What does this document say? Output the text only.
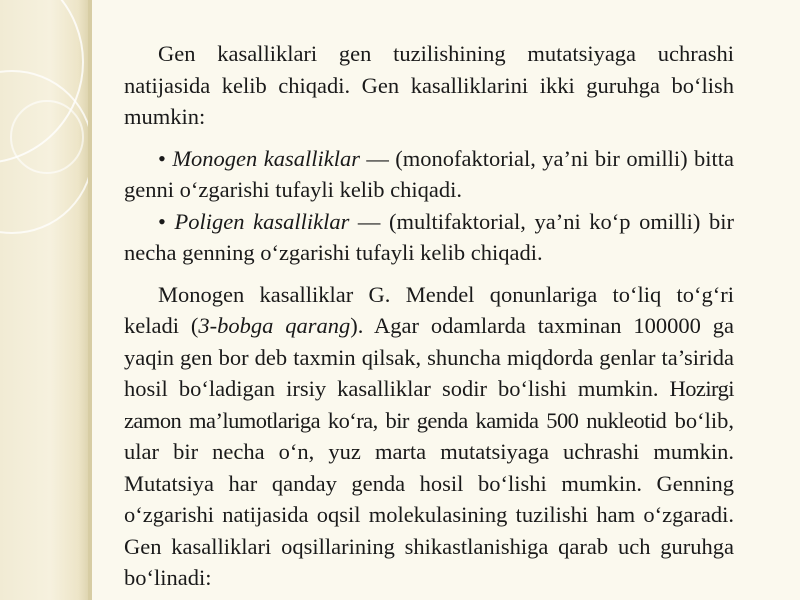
Gen kasalliklari gen tuzilishining mutatsiyaga uchrashi natijasida kelib chiqadi. Gen kasalliklarini ikki guruhga bo‘lish mumkin:

• Monogen kasalliklar — (monofaktorial, ya’ni bir omilli) bitta genni o‘zgarishi tufayli kelib chiqadi.

• Poligen kasalliklar — (multifaktorial, ya’ni ko‘p omilli) bir necha genning o‘zgarishi tufayli kelib chiqadi.

Monogen kasalliklar G. Mendel qonunlariga to‘liq to‘g‘ri keladi (3-bobga qarang). Agar odamlarda taxminan 100000 ga yaqin gen bor deb taxmin qilsak, shuncha miqdorda genlar ta’sirida hosil bo‘ladigan irsiy kasalliklar sodir bo‘lishi mumkin. Hozirgi zamon ma’lumotlariga ko‘ra, bir genda kamida 500 nukleotid bo‘lib, ular bir necha o‘n, yuz marta mutatsiyaga uchrashi mumkin. Mutatsiya har qanday genda hosil bo‘lishi mumkin. Genning o‘zgarishi natijasida oqsil molekulasining tuzilishi ham o‘zgaradi. Gen kasalliklari oqsillarining shikastlanishiga qarab uch guruhga bo‘linadi:
